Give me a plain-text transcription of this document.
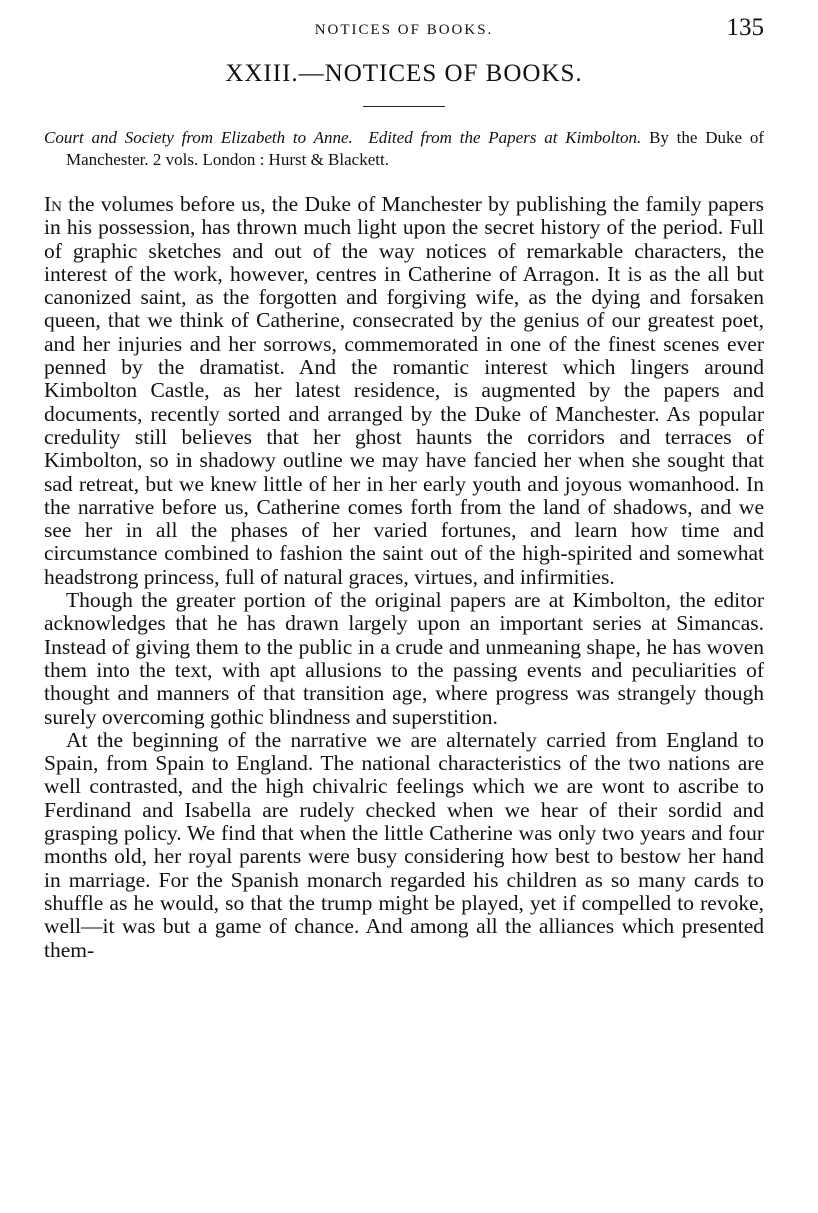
NOTICES OF BOOKS.	135
XXIII.—NOTICES OF BOOKS.

Court and Society from Elizabeth to Anne. Edited from the Papers at Kimbolton. By the Duke of Manchester. 2 vols. London : Hurst & Blackett.

In the volumes before us, the Duke of Manchester by publishing the family papers in his possession, has thrown much light upon the secret history of the period. Full of graphic sketches and out of the way notices of remarkable characters, the interest of the work, however, centres in Catherine of Arragon. It is as the all but canonized saint, as the forgotten and forgiving wife, as the dying and forsaken queen, that we think of Catherine, consecrated by the genius of our greatest poet, and her injuries and her sorrows, commemorated in one of the finest scenes ever penned by the dramatist. And the romantic interest which lingers around Kimbolton Castle, as her latest residence, is augmented by the papers and documents, recently sorted and arranged by the Duke of Manchester. As popular credulity still believes that her ghost haunts the corridors and terraces of Kimbolton, so in shadowy outline we may have fancied her when she sought that sad retreat, but we knew little of her in her early youth and joyous womanhood. In the narrative before us, Catherine comes forth from the land of shadows, and we see her in all the phases of her varied fortunes, and learn how time and circumstance combined to fashion the saint out of the high-spirited and somewhat headstrong princess, full of natural graces, virtues, and infirmities.

Though the greater portion of the original papers are at Kimbolton, the editor acknowledges that he has drawn largely upon an important series at Simancas. Instead of giving them to the public in a crude and unmeaning shape, he has woven them into the text, with apt allusions to the passing events and peculiarities of thought and manners of that transition age, where progress was strangely though surely overcoming gothic blindness and superstition.

At the beginning of the narrative we are alternately carried from England to Spain, from Spain to England. The national characteristics of the two nations are well contrasted, and the high chivalric feelings which we are wont to ascribe to Ferdinand and Isabella are rudely checked when we hear of their sordid and grasping policy. We find that when the little Catherine was only two years and four months old, her royal parents were busy considering how best to bestow her hand in marriage. For the Spanish monarch regarded his children as so many cards to shuffle as he would, so that the trump might be played, yet if compelled to revoke, well—it was but a game of chance. And among all the alliances which presented them-
